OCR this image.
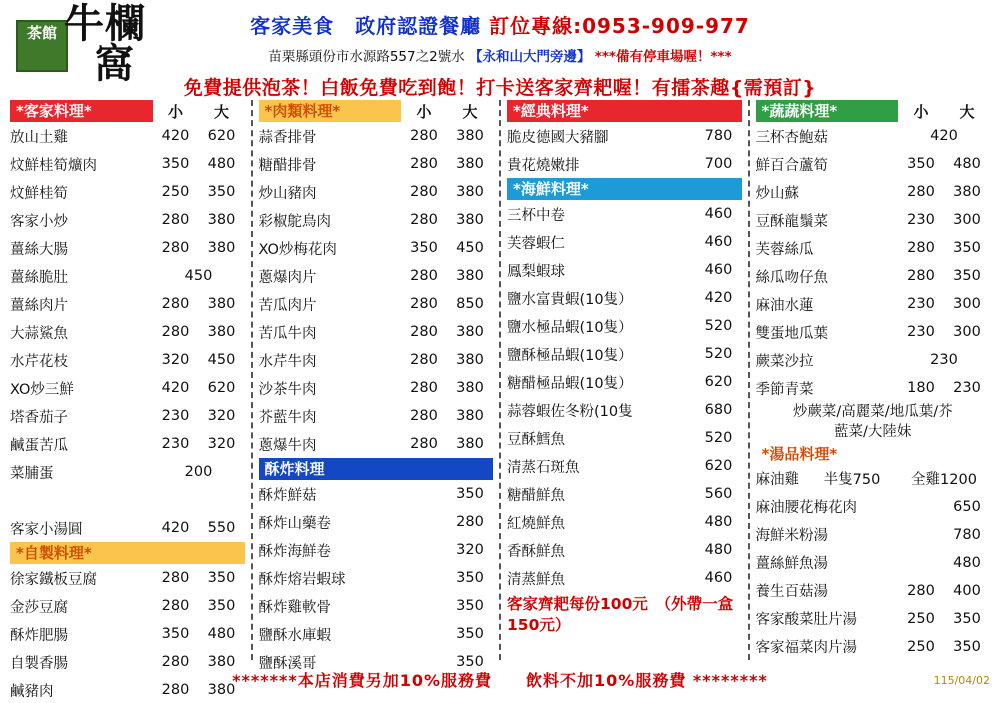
茶館 牛欄
窩
客家美食　政府認證餐廳 訂位專線:0953-909-977
苗栗縣頭份市水源路557之2號水 【永和山大門旁邊】 ***備有停車場喔！***
免費提供泡茶！白飯免費吃到飽！打卡送客家齊耙喔！有擂茶趣{需預訂}
*客家料理*	小	大
放山土雞	420	620
炆鮮桂筍爌肉	350	480
炆鮮桂筍	250	350
客家小炒	280	380
薑絲大腸	280	380
薑絲脆肚	450
薑絲肉片	280	380
大蒜鯊魚	280	380
水芹花枝	320	450
XO炒三鮮	420	620
塔香茄子	230	320
鹹蛋苦瓜	230	320
菜脯蛋	200
客家小湯圓	420	550
*自製料理*
徐家鐵板豆腐	280	350
金莎豆腐	280	350
酥炸肥腸	350	480
自製香腸	280	380
鹹豬肉	280	380
*肉類料理*	小	大
蒜香排骨	280	380
糖醋排骨	280	380
炒山豬肉	280	380
彩椒鴕鳥肉	280	380
XO炒梅花肉	350	450
蔥爆肉片	280	380
苦瓜肉片	280	850
苦瓜牛肉	280	380
水芹牛肉	280	380
沙茶牛肉	280	380
芥藍牛肉	280	380
蔥爆牛肉	280	380
酥炸料理
酥炸鮮菇	350
酥炸山藥卷	280
酥炸海鮮卷	320
酥炸熔岩蝦球	350
酥炸雞軟骨	350
鹽酥水庫蝦	350
鹽酥溪哥	350
*經典料理*
脆皮德國大豬腳	780
貴花燒嫩排	700
*海鮮料理*
三杯中卷	460
芙蓉蝦仁	460
鳳梨蝦球	460
鹽水富貴蝦(10隻）	420
鹽水極品蝦(10隻）	520
鹽酥極品蝦(10隻）	520
糖醋極品蝦(10隻）	620
蒜蓉蝦佐冬粉(10隻	680
豆酥鱈魚	520
清蒸石斑魚	620
糖醋鮮魚	560
紅燒鮮魚	480
香酥鮮魚	480
清蒸鮮魚	460
客家齊耙每份100元　（外帶一盒150元）
*蔬蔬料理*	小	大
三杯杏鮑菇	420
鮮百合蘆筍	350	480
炒山蘇	280	380
豆酥龍鬚菜	230	300
芙蓉絲瓜	280	350
絲瓜吻仔魚	280	350
麻油水蓮	230	300
雙蛋地瓜葉	230	300
蕨菜沙拉	230
季節青菜	180	230
炒蕨菜/高麗菜/地瓜葉/芥
藍菜/大陸妹
*湯品料理*
麻油雞	半隻750	全雞1200
麻油腰花梅花肉	650
海鮮米粉湯	780
薑絲鮮魚湯	480
養生百菇湯	280	400
客家酸菜肚片湯	250	350
客家福菜肉片湯	250	350
*******本店消費另加10%服務費　　飲料不加10%服務費 ********	115/04/02
